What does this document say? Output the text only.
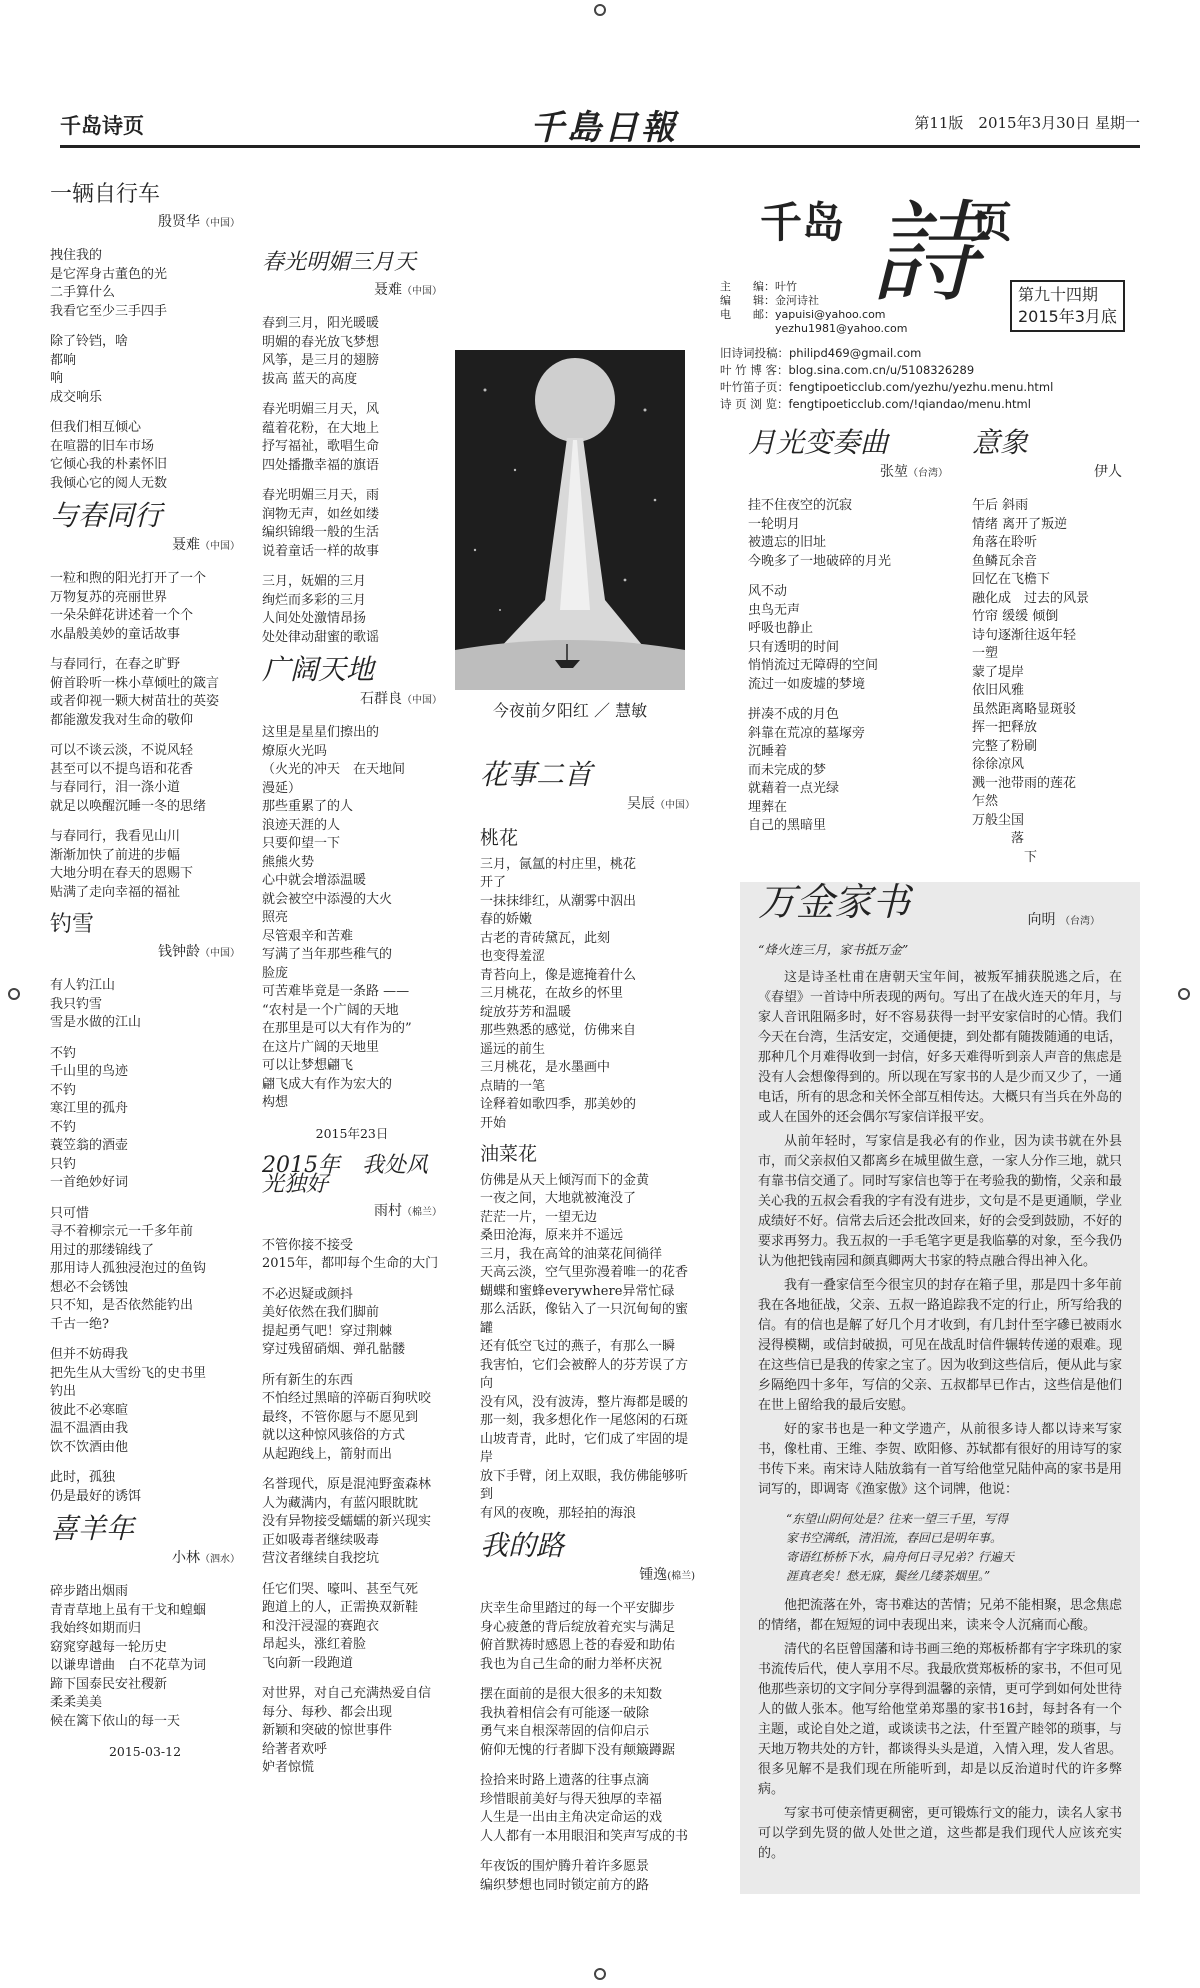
千岛诗页	千島日報	第11版　2015年3月30日 星期一
千岛 詩
页
第九十四期
2015年3月底
主　　编：叶竹
编　　辑：金河诗社
电　　邮：yapuisi@yahoo.com
　　　　　yezhu1981@yahoo.com
旧诗词投稿：philipd469@gmail.com
叶 竹 博 客：blog.sina.com.cn/u/5108326289
叶竹笛子页：fengtipoeticclub.com/yezhu/yezhu.menu.html
诗 页 浏 览：fengtipoeticclub.com/!qiandao/menu.html
一辆自行车
殷贤华（中国）

拽住我的
是它浑身古董色的光
二手算什么
我看它至少三手四手

除了铃铛，啥
都响
响
成交响乐

但我们相互倾心
在喧嚣的旧车市场
它倾心我的朴素怀旧
我倾心它的阅人无数

与春同行
聂难（中国）

一粒和煦的阳光打开了一个
万物复苏的亮丽世界
一朵朵鲜花讲述着一个个
水晶般美妙的童话故事

与春同行，在春之旷野
俯首聆听一株小草倾吐的箴言
或者仰视一颗大树苗壮的英姿
都能激发我对生命的敬仰

可以不谈云淡，不说风轻
甚至可以不提鸟语和花香
与春同行，泪一涤小道
就足以唤醒沉睡一冬的思绪

与春同行，我看见山川
渐渐加快了前进的步幅
大地分明在春天的恩赐下
贴满了走向幸福的福祉

钓雪
钱钟龄（中国）

有人钓江山
我只钓雪
雪是水做的江山

不钓
千山里的鸟迹
不钓
寒江里的孤舟
不钓
蓑笠翁的酒壶
只钓
一首绝妙好词

只可惜
寻不着柳宗元一千多年前
用过的那缕锦线了
那用诗人孤独浸泡过的鱼钩
想必不会锈蚀
只不知，是否依然能钓出
千古一绝?

但并不妨碍我
把先生从大雪纷飞的史书里
钓出
彼此不必寒暄
温不温酒由我
饮不饮酒由他

此时，孤独
仍是最好的诱饵

喜羊年
小林（泗水）

碎步踏出烟雨
青青草地上虽有干戈和蝗蝈
我始终如期而归
窈窕穿越每一轮历史
以谦卑谱曲　白不花草为词
蹄下国泰民安社稷新
柔柔美美
候在篱下依山的每一天

2015-03-12
春光明媚三月天
聂难（中国）

春到三月，阳光暖暖
明媚的春光放飞梦想
风筝，是三月的翅膀
拔高 蓝天的高度

春光明媚三月天，风
蕴着花粉，在大地上
抒写福祉，歌唱生命
四处播撒幸福的旗语

春光明媚三月天，雨
润物无声，如丝如缕
编织锦缎一般的生活
说着童话一样的故事

三月，妩媚的三月
绚烂而多彩的三月
人间处处激情昂扬
处处律动甜蜜的歌谣

广阔天地
石群良（中国）

这里是星星们擦出的
燎原火光吗
（火光的冲天　在天地间
漫延）
那些重累了的人
浪迹天涯的人
只要仰望一下
熊熊火势
心中就会增添温暖
就会被空中添漫的大火
照亮
尽管艰辛和苦难
写满了当年那些稚气的
脸庞
可苦难毕竟是一条路 ——
“农村是一个广阔的天地
在那里是可以大有作为的”
在这片广阔的天地里
可以让梦想翩飞
翩飞成大有作为宏大的
构想

2015年23日
2015年　我处风光独好
雨村（棉兰）

不管你接不接受
2015年，都叩每个生命的大门

不必迟疑或颜抖
美好依然在我们脚前
提起勇气吧！穿过荆棘
穿过残留硝烟、弹孔骷髅

所有新生的东西
不怕经过黑暗的淬砺百狗吠咬
最终，不管你愿与不愿见到
就以这种惊风骇俗的方式
从起跑线上，箭射而出

名誉现代，原是混沌野蛮森林
人为藏满内，有蓝闪眼眈眈
没有异物接受蠕蠕的新兴现实
正如吸毒者继续吸毒
营汶者继续自我挖坑

任它们哭、嚎叫、甚至气死
跑道上的人，正需换双新鞋
和没汗浸湿的赛跑衣
昂起头，涨红着脸
飞向新一段跑道

对世界，对自己充满热爱自信
每分、每秒、都会出现
新颖和突破的惊世事件
给著者欢呼
妒者惊慌

今夜前夕阳红 ／ 慧敏
花事二首
吴辰（中国）
桃花

三月，氤氲的村庄里，桃花
开了
一抹抹绯红，从潮雾中泅出
春的娇嫩
古老的青砖黛瓦，此刻
也变得羞涩
青苔向上，像是遮掩着什么
三月桃花，在故乡的怀里
绽放芬芳和温暖
那些熟悉的感觉，仿佛来自
遥远的前生
三月桃花，是水墨画中
点睛的一笔
诠释着如歌四季，那美妙的
开始

油菜花

仿佛是从天上倾泻而下的金黄
一夜之间，大地就被淹没了
茫茫一片，一望无边
桑田沧海，原来并不遥远
三月，我在高耸的油菜花间徜徉
天高云淡，空气里弥漫着唯一的花香
蝴蝶和蜜蜂everywhere异常忙碌
那么活跃，像钻入了一只沉甸甸的蜜罐
还有低空飞过的燕子，有那么一瞬
我害怕，它们会被醉人的芬芳误了方向
没有风，没有波涛，整片海都是暖的
那一刻，我多想化作一尾悠闲的石斑
山坡青青，此时，它们成了牢固的堤岸
放下手臂，闭上双眼，我仿佛能够听到
有风的夜晚，那轻拍的海浪

我的路
锺逸(棉兰)

庆幸生命里踏过的每一个平安脚步
身心疲惫的背后绽放着充实与满足
俯首默祷时感恩上苍的春爱和助佑
我也为自己生命的耐力举杯庆祝

摆在面前的是很大很多的未知数
我执着相信会有可能逐一破除
勇气来自根深蒂固的信仰启示
俯仰无愧的行者脚下没有颠簸蹲踞

捡拾来时路上遗落的往事点滴
珍惜眼前美好与得天独厚的幸福
人生是一出由主角决定命运的戏
人人都有一本用眼泪和笑声写成的书

年夜饭的围炉腾升着许多愿景
编织梦想也同时锁定前方的路

月光变奏曲
张堃（台湾）

挂不住夜空的沉寂
一轮明月
被遗忘的旧址
今晚多了一地破碎的月光

风不动
虫鸟无声
呼吸也静止
只有透明的时间
悄悄流过无障碍的空间
流过一如废墟的梦境

拼凑不成的月色
斜靠在荒凉的墓塚旁
沉睡着
而未完成的梦
就藉着一点光绿
埋葬在
自己的黑暗里

意象
伊人

午后 斜雨
情绪 离开了叛逆
角落在聆听
鱼鳞瓦余音
回忆在飞檐下
融化成　过去的风景
竹帘 缓缓 倾倒
诗句逐渐往返年轻
一塑
蒙了堤岸
依旧风雅
虽然距离略显斑驳
挥一把释放
完整了粉刷
徐徐凉风
溅一池带雨的莲花
乍然
万般尘国
　　　落
　　　　下

万金家书	向明 （台湾）
“烽火连三月，家书抵万金”

这是诗圣杜甫在唐朝天宝年间，被叛军捕获脱逃之后，在《春望》一首诗中所表现的两句。写出了在战火连天的年月，与家人音讯阻隔多时，好不容易获得一封平安家信时的心情。我们今天在台湾，生活安定，交通便捷，到处都有随拨随通的电话，那种几个月难得收到一封信，好多天难得听到亲人声音的焦虑是没有人会想像得到的。所以现在写家书的人是少而又少了，一通电话，所有的思念和关怀全部互相传达。大概只有当兵在外岛的或人在国外的还会偶尔写家信详报平安。

从前年轻时，写家信是我必有的作业，因为读书就在外县市，而父亲叔伯又都离乡在城里做生意，一家人分作三地，就只有靠书信交通了。同时写家信也等于在考验我的勤惰，父亲和最关心我的五叔会看我的字有没有进步，文句是不是更通顺，学业成绩好不好。信常去后还会批改回来，好的会受到鼓励，不好的要求再努力。我五叔的一手毛笔字更是我临摹的对象，至今我仍认为他把钱南园和颜真卿两大书家的特点融合得出神入化。

我有一叠家信至今很宝贝的封存在箱子里，那是四十多年前我在各地征战，父亲、五叔一路追踪我不定的行止，所写给我的信。有的信也是解了好几个月才收到，有几封什至字磣已被雨水浸得模糊，或信封破损，可见在战乱时信件辗转传递的艰难。现在这些信已是我的传家之宝了。因为收到这些信后，便从此与家乡隔绝四十多年，写信的父亲、五叔都早已作古，这些信是他们在世上留给我的最后安慰。

好的家书也是一种文学遗产，从前很多诗人都以诗来写家书，像杜甫、王维、李贺、欧阳修、苏轼都有很好的用诗写的家书传下来。南宋诗人陆放翁有一首写给他堂兄陆仲高的家书是用词写的，即调寄《渔家傲》这个词牌，他说：

“东望山阴何处是？往来一望三千里，写得
家书空满纸，清泪流，春回已是明年事。
寄语红桥桥下水，扁舟何日寻兄弟？行遍天
涯真老矣！愁无寐，鬓丝几缕茶烟里。”

他把流落在外，寄书难达的苦情；兄弟不能相聚，思念焦虑的情绪，都在短短的词中表现出来，读来令人沉痛而心酸。

清代的名臣曾国藩和诗书画三绝的郑板桥都有字字珠玑的家书流传后代，使人享用不尽。我最欣赏郑板桥的家书，不但可见他那些亲切的文字间分享得到温馨的亲情，更可学到如何处世待人的做人张本。他写给他堂弟郑墨的家书16封，每封各有一个主题，或论自处之道，或谈读书之法，什至置产睦邻的琐事，与天地万物共处的方针，都谈得头头是道，入情入理，发人省思。很多见解不是我们现在所能听到，却是以反治道时代的许多弊病。

写家书可使亲情更稠密，更可锻炼行文的能力，读名人家书可以学到先贤的做人处世之道，这些都是我们现代人应该充实的。
